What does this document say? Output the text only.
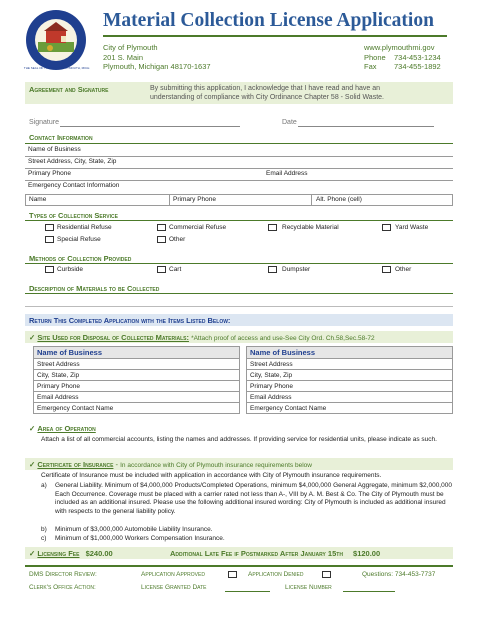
THE SEAL OF THE CITY OF PLYMOUTH, MICH.
Material Collection License Application
City of Plymouth
201 S. Main
Plymouth, Michigan 48170-1637
www.plymouthmi.gov
Phone 734-453-1234
Fax 734-455-1892
Agreement and Signature	By submitting this application, I acknowledge that I have read and have an understanding of compliance with City Ordinance Chapter 58 - Solid Waste.
Signature	Date
Contact Information
Name of Business
Street Address, City, State, Zip
Primary Phone	Email Address
Emergency Contact Information
Name	Primary Phone	Alt. Phone (cell)
Types of Collection Service
Residential Refuse	Commercial Refuse	Recyclable Material	Yard Waste
Special Refuse	Other
Methods of Collection Provided
Curbside	Cart	Dumpster	Other
Description of Materials to be Collected
Return This Completed Application with the Items Listed Below:
✓ Site Used for Disposal of Collected Materials: *Attach proof of access and use-See City Ord. Ch.58,Sec.58-72
Name of Business
Street Address
City, State, Zip
Primary Phone
Email Address
Emergency Contact Name
Name of Business
Street Address
City, State, Zip
Primary Phone
Email Address
Emergency Contact Name
✓ Area of Operation
Attach a list of all commercial accounts, listing the names and addresses. If providing service for residential units, please indicate as such.
✓ Certificate of Insurance - In accordance with City of Plymouth insurance requirements below
Certificate of Insurance must be included with application in accordance with City of Plymouth insurance requirements.
a) General Liability. Minimum of $4,000,000 Products/Completed Operations, minimum $4,000,000 General Aggregate, minimum $2,000,000 Each Occurrence. Coverage must be placed with a carrier rated not less than A-, VIII by A. M. Best & Co. The City of Plymouth must be included as an additional insured. Please use the following additional insured wording: City of Plymouth is included as additional insured with respects to the general liability policy.
b) Minimum of $3,000,000 Automobile Liability Insurance.
c) Minimum of $1,000,000 Workers Compensation Insurance.
✓ Licensing Fee $240.00	Additional Late Fee if Postmarked After January 15th $120.00
DMS Director Review:	Application Approved	Application Denied	Questions: 734-453-7737
Clerk's Office Action:	License Granted Date	License Number
